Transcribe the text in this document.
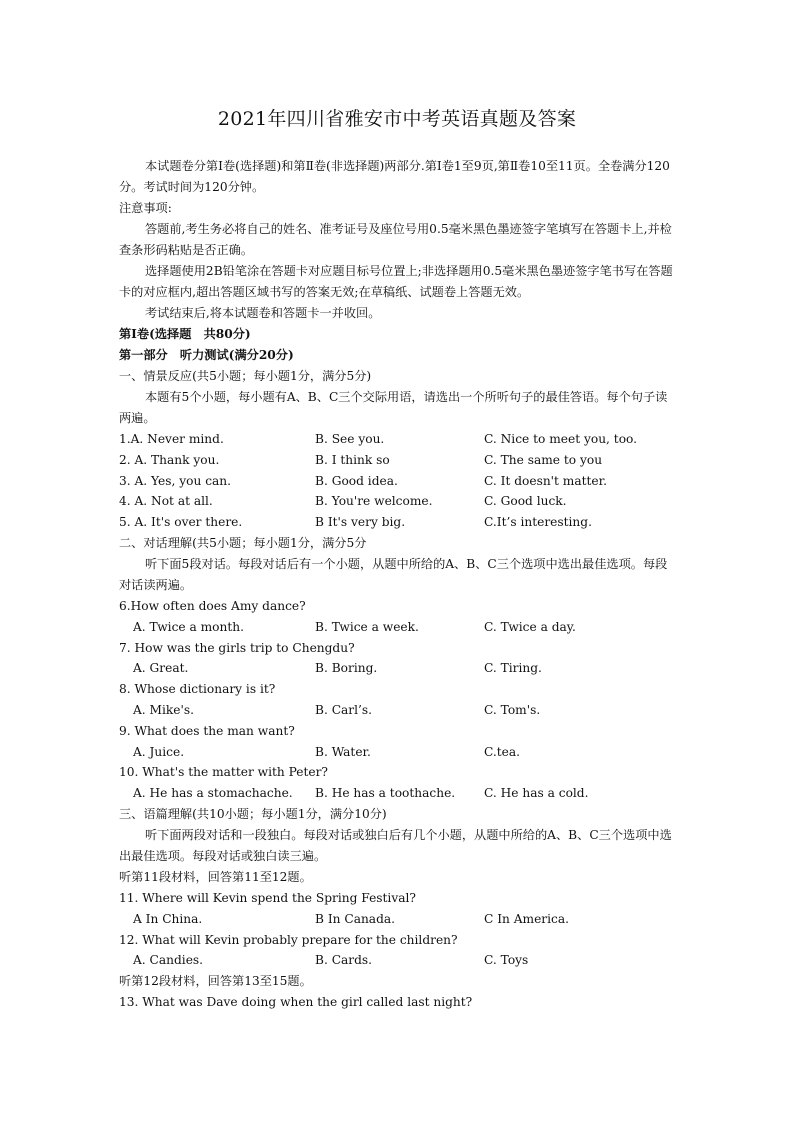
2021年四川省雅安市中考英语真题及答案

本试题卷分第Ⅰ卷(选择题)和第Ⅱ卷(非选择题)两部分.第Ⅰ卷1至9页,第Ⅱ卷10至11页。全卷满分120分。考试时间为120分钟。

注意事项:

答题前,考生务必将自己的姓名、准考证号及座位号用0.5毫米黑色墨迹签字笔填写在答题卡上,并检查条形码粘贴是否正确。

选择题使用2B铅笔涂在答题卡对应题目标号位置上;非选择题用0.5毫米黑色墨迹签字笔书写在答题卡的对应框内,超出答题区域书写的答案无效;在草稿纸、试题卷上答题无效。

考试结束后,将本试题卷和答题卡一并收回。

第Ⅰ卷(选择题　共80分)

第一部分　听力测试(满分20分)

一、情景反应(共5小题；每小题1分，满分5分)

本题有5个小题，每小题有A、B、C三个交际用语，请选出一个所听句子的最佳答语。每个句子读两遍。

1.A. Never mind.	B. See you.	C. Nice to meet you, too.
2. A. Thank you.	B. I think so	C. The same to you
3. A. Yes, you can.	B. Good idea.	C. It doesn't matter.
4. A. Not at all.	B. You're welcome.	C. Good luck.
5. A. It's over there.	B It's very big.	C.It’s interesting.

二、对话理解(共5小题；每小题1分，满分5分

听下面5段对话。每段对话后有一个小题，从题中所给的A、B、C三个选项中选出最佳选项。每段对话读两遍。

6.How often does Amy dance?
A. Twice a month.	B. Twice a week.	C. Twice a day.
7. How was the girls trip to Chengdu?
A. Great.	B. Boring.	C. Tiring.
8. Whose dictionary is it?
A. Mike's.	B. Carl’s.	C. Tom's.
9. What does the man want?
A. Juice.	B. Water.	C.tea.
10. What's the matter with Peter?
A. He has a stomachache.	B. He has a toothache.	C. He has a cold.

三、语篇理解(共10小题；每小题1分，满分10分)

听下面两段对话和一段独白。每段对话或独白后有几个小题，从题中所给的A、B、C三个选项中选出最佳选项。每段对话或独白读三遍。

听第11段材料，回答第11至12题。

11. Where will Kevin spend the Spring Festival?
A In China.	B In Canada.	C In America.
12. What will Kevin probably prepare for the children?
A. Candies.	B. Cards.	C. Toys

听第12段材料，回答第13至15题。

13. What was Dave doing when the girl called last night?
